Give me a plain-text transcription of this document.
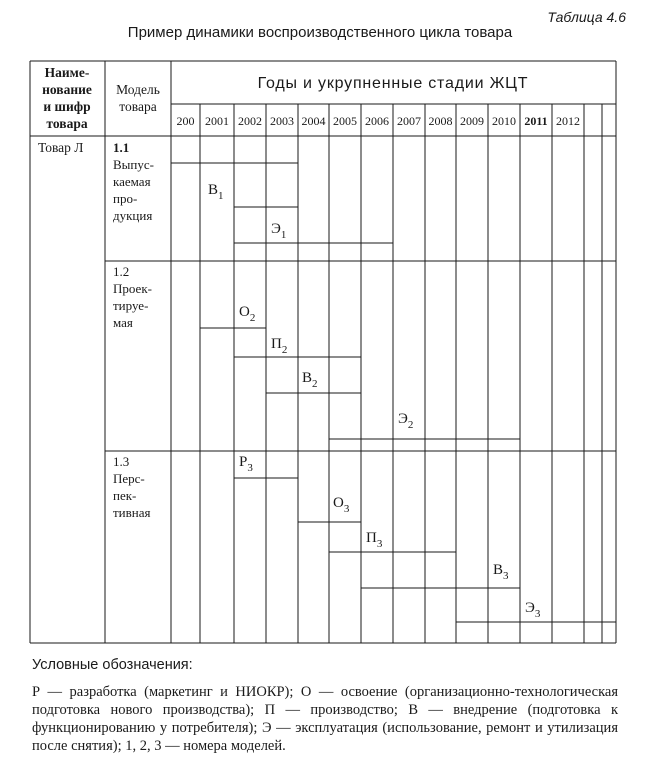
Таблица 4.6
Пример динамики воспроизводственного цикла товара
Наиме-
нование
и шифр
товара
Модель
товара
Годы и укрупненные стадии ЖЦТ
200 2001 2002 2003 2004 2005 2006 2007 2008 2009 2010 2011 2012
Товар Л 1.1
Выпус-
каемая
про-
дукция
1.2
Проек-
тируе-
мая
1.3
Перс-
пек-
тивная
$В_1$
$Э_1$
$О_2$
$П_2$
$В_2$
$Э_2$
$Р_3$
$О_3$
$П_3$
$В_3$
$Э_3$
Условные обозначения:
Р — разработка (маркетинг и НИОКР); О — освоение (организационно-технологическая подготовка нового производства); П — производство; В — внедрение (подготовка к функционированию у потребителя); Э — эксплуатация (использование, ремонт и утилизация после снятия); 1, 2, 3 — номера моделей.
